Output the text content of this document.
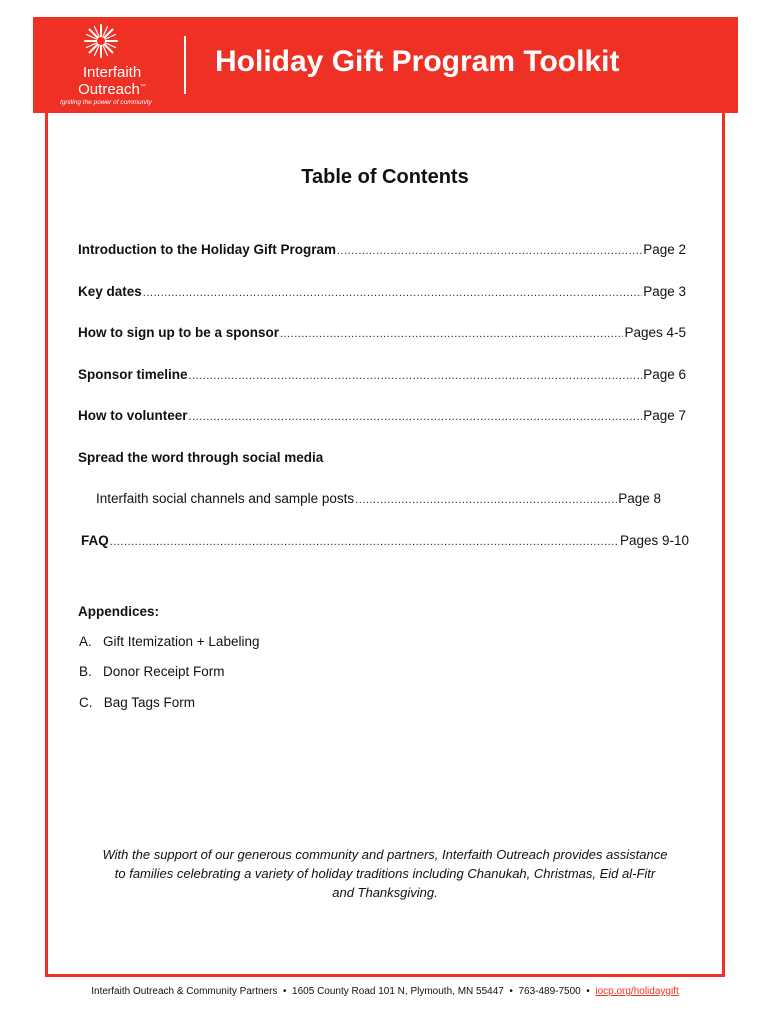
Interfaith
Outreach™
Igniting the power of community
Holiday Gift Program Toolkit
Table of Contents
Introduction to the Holiday Gift Program .....	Page 2
Key dates .....	Page 3
How to sign up to be a sponsor .....	Pages 4-5
Sponsor timeline .....	Page 6
How to volunteer .....	Page 7
Spread the word through social media
Interfaith social channels and sample posts .....	Page 8
FAQ .....	Pages 9-10
Appendices:
A.   Gift Itemization + Labeling
B.   Donor Receipt Form
C.   Bag Tags Form
With the support of our generous community and partners, Interfaith Outreach provides assistance
to families celebrating a variety of holiday traditions including Chanukah, Christmas, Eid al-Fitr
and Thanksgiving.
Interfaith Outreach & Community Partners  •  1605 County Road 101 N, Plymouth, MN 55447  •  763-489-7500  •  iocp.org/holidaygift
